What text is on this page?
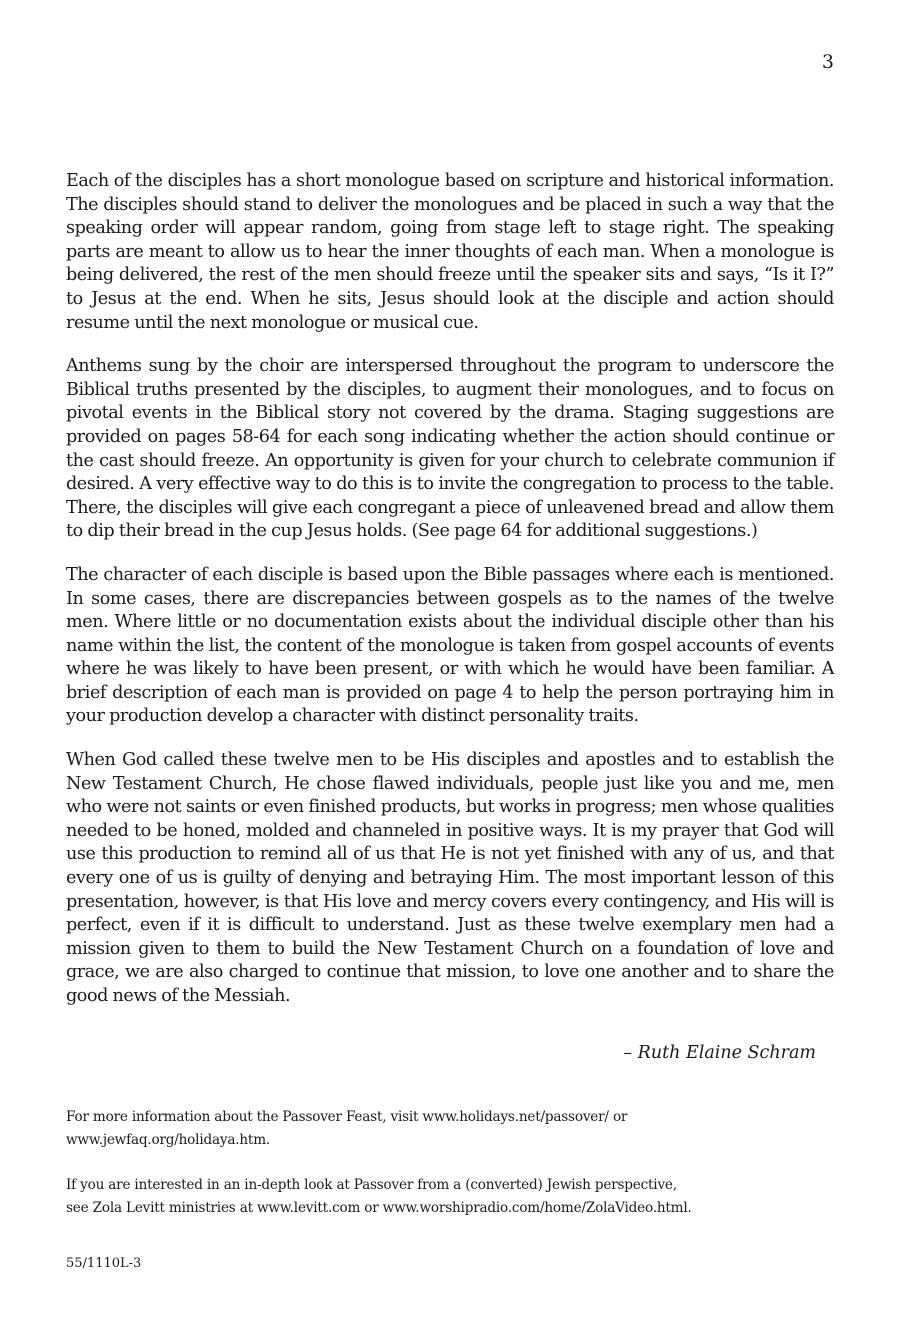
3

Each of the disciples has a short monologue based on scripture and historical information. The disciples should stand to deliver the monologues and be placed in such a way that the speaking order will appear random, going from stage left to stage right. The speaking parts are meant to allow us to hear the inner thoughts of each man. When a monologue is being delivered, the rest of the men should freeze until the speaker sits and says, “Is it I?” to Jesus at the end. When he sits, Jesus should look at the disciple and action should resume until the next monologue or musical cue.

Anthems sung by the choir are interspersed throughout the program to underscore the Biblical truths presented by the disciples, to augment their monologues, and to focus on pivotal events in the Biblical story not covered by the drama. Staging suggestions are provided on pages 58-64 for each song indicating whether the action should continue or the cast should freeze. An opportunity is given for your church to celebrate communion if desired. A very effective way to do this is to invite the congregation to process to the table. There, the disciples will give each congregant a piece of unleavened bread and allow them to dip their bread in the cup Jesus holds. (See page 64 for additional suggestions.)

The character of each disciple is based upon the Bible passages where each is mentioned. In some cases, there are discrepancies between gospels as to the names of the twelve men. Where little or no documentation exists about the individual disciple other than his name within the list, the content of the monologue is taken from gospel accounts of events where he was likely to have been present, or with which he would have been familiar. A brief description of each man is provided on page 4 to help the person portraying him in your production develop a character with distinct personality traits.

When God called these twelve men to be His disciples and apostles and to establish the New Testament Church, He chose flawed individuals, people just like you and me, men who were not saints or even finished products, but works in progress; men whose qualities needed to be honed, molded and channeled in positive ways. It is my prayer that God will use this production to remind all of us that He is not yet finished with any of us, and that every one of us is guilty of denying and betraying Him. The most important lesson of this presentation, however, is that His love and mercy covers every contingency, and His will is perfect, even if it is difficult to understand. Just as these twelve exemplary men had a mission given to them to build the New Testament Church on a foundation of love and grace, we are also charged to continue that mission, to love one another and to share the good news of the Messiah.

– Ruth Elaine Schram

For more information about the Passover Feast, visit www.holidays.net/passover/ or
www.jewfaq.org/holidaya.htm.

If you are interested in an in-depth look at Passover from a (converted) Jewish perspective,
see Zola Levitt ministries at www.levitt.com or www.worshipradio.com/home/ZolaVideo.html.

55/1110L-3
